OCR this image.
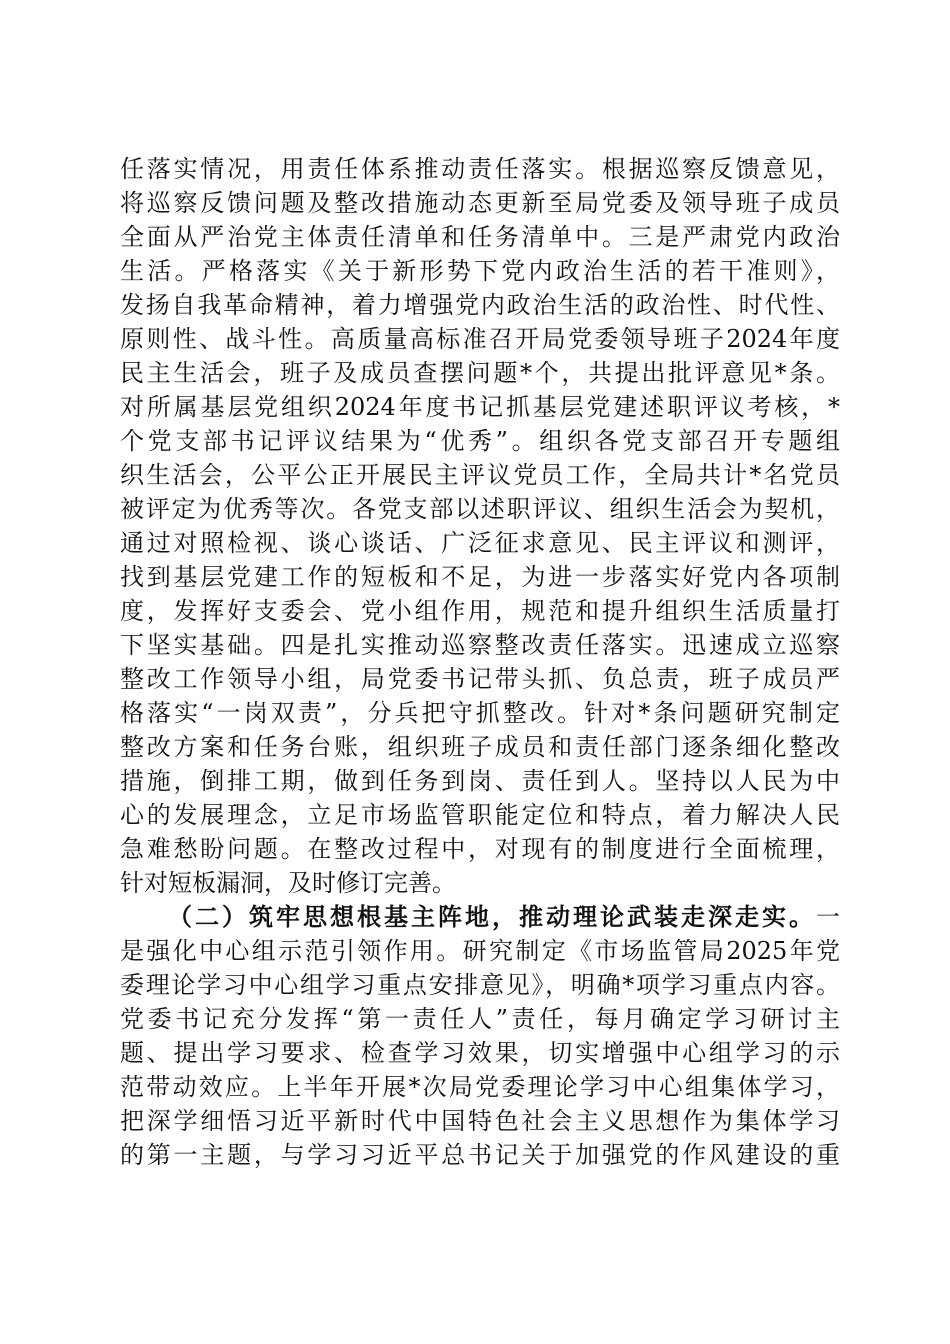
任落实情况，用责任体系推动责任落实。根据巡察反馈意见，
将巡察反馈问题及整改措施动态更新至局党委及领导班子成员
全面从严治党主体责任清单和任务清单中。三是严肃党内政治
生活。严格落实《关于新形势下党内政治生活的若干准则》，
发扬自我革命精神，着力增强党内政治生活的政治性、时代性、
原则性、战斗性。高质量高标准召开局党委领导班子2024年度
民主生活会，班子及成员查摆问题*个，共提出批评意见*条。
对所属基层党组织2024年度书记抓基层党建述职评议考核，*
个党支部书记评议结果为“优秀”。组织各党支部召开专题组
织生活会，公平公正开展民主评议党员工作，全局共计*名党员
被评定为优秀等次。各党支部以述职评议、组织生活会为契机，
通过对照检视、谈心谈话、广泛征求意见、民主评议和测评，
找到基层党建工作的短板和不足，为进一步落实好党内各项制
度，发挥好支委会、党小组作用，规范和提升组织生活质量打
下坚实基础。四是扎实推动巡察整改责任落实。迅速成立巡察
整改工作领导小组，局党委书记带头抓、负总责，班子成员严
格落实“一岗双责”，分兵把守抓整改。针对*条问题研究制定
整改方案和任务台账，组织班子成员和责任部门逐条细化整改
措施，倒排工期，做到任务到岗、责任到人。坚持以人民为中
心的发展理念，立足市场监管职能定位和特点，着力解决人民
急难愁盼问题。在整改过程中，对现有的制度进行全面梳理，
针对短板漏洞，及时修订完善。
（二）筑牢思想根基主阵地，推动理论武装走深走实。一
是强化中心组示范引领作用。研究制定《市场监管局2025年党
委理论学习中心组学习重点安排意见》，明确*项学习重点内容。
党委书记充分发挥“第一责任人”责任，每月确定学习研讨主
题、提出学习要求、检查学习效果，切实增强中心组学习的示
范带动效应。上半年开展*次局党委理论学习中心组集体学习，
把深学细悟习近平新时代中国特色社会主义思想作为集体学习
的第一主题，与学习习近平总书记关于加强党的作风建设的重
